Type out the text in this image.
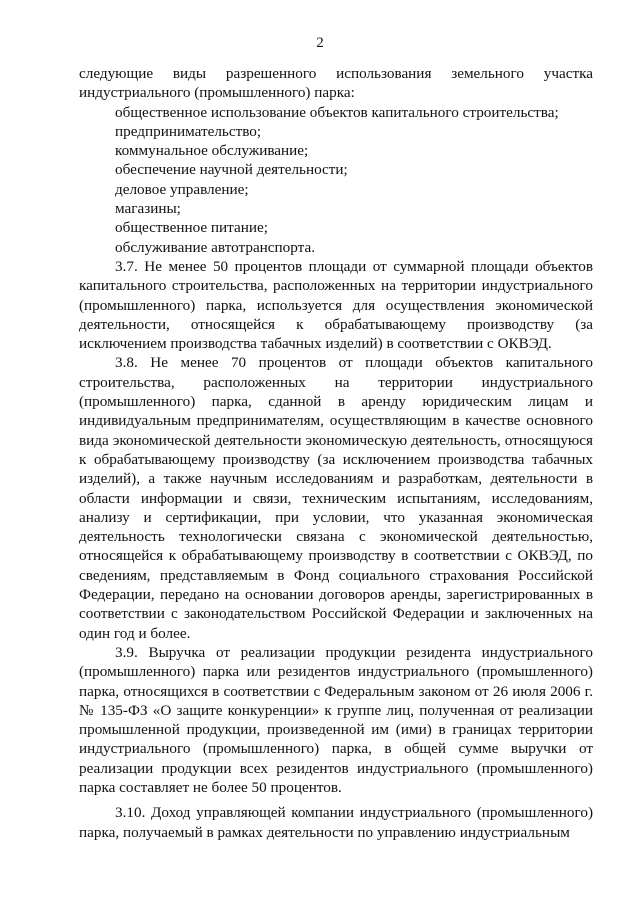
2

следующие виды разрешенного использования земельного участка индустриального (промышленного) парка:

общественное использование объектов капитального строительства;

предпринимательство;

коммунальное обслуживание;

обеспечение научной деятельности;

деловое управление;

магазины;

общественное питание;

обслуживание автотранспорта.

3.7. Не менее 50 процентов площади от суммарной площади объектов капитального строительства, расположенных на территории индустриального (промышленного) парка, используется для осуществления экономической деятельности, относящейся к обрабатывающему производству (за исключением производства табачных изделий) в соответствии с ОКВЭД.

3.8. Не менее 70 процентов от площади объектов капитального строительства, расположенных на территории индустриального (промышленного) парка, сданной в аренду юридическим лицам и индивидуальным предпринимателям, осуществляющим в качестве основного вида экономической деятельности экономическую деятельность, относящуюся к обрабатывающему производству (за исключением производства табачных изделий), а также научным исследованиям и разработкам, деятельности в области информации и связи, техническим испытаниям, исследованиям, анализу и сертификации, при условии, что указанная экономическая деятельность технологически связана с экономической деятельностью, относящейся к обрабатывающему производству в соответствии с ОКВЭД, по сведениям, представляемым в Фонд социального страхования Российской Федерации, передано на основании договоров аренды, зарегистрированных в соответствии с законодательством Российской Федерации и заключенных на один год и более.

3.9. Выручка от реализации продукции резидента индустриального (промышленного) парка или резидентов индустриального (промышленного) парка, относящихся в соответствии с Федеральным законом от 26 июля 2006 г. № 135-ФЗ «О защите конкуренции» к группе лиц, полученная от реализации промышленной продукции, произведенной им (ими) в границах территории индустриального (промышленного) парка, в общей сумме выручки от реализации продукции всех резидентов индустриального (промышленного) парка составляет не более 50 процентов.

3.10. Доход управляющей компании индустриального (промышленного) парка, получаемый в рамках деятельности по управлению индустриальным
